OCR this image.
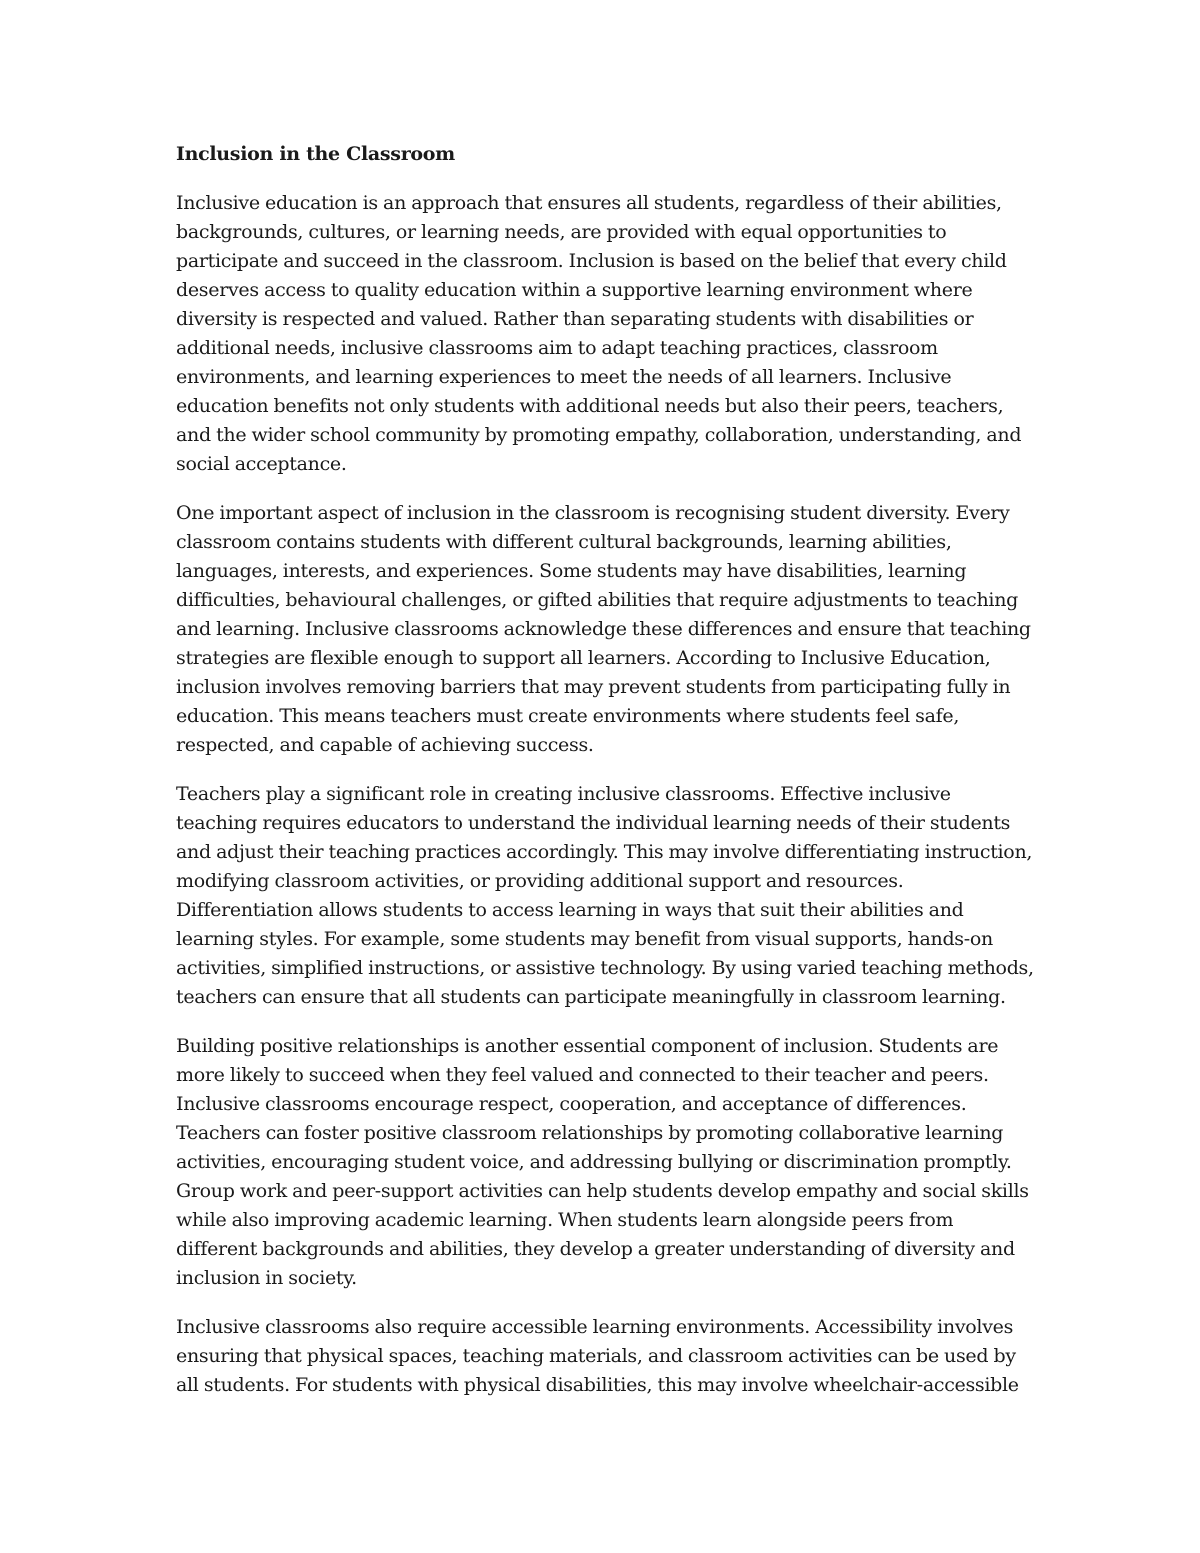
Inclusion in the Classroom

Inclusive education is an approach that ensures all students, regardless of their abilities, backgrounds, cultures, or learning needs, are provided with equal opportunities to participate and succeed in the classroom. Inclusion is based on the belief that every child deserves access to quality education within a supportive learning environment where diversity is respected and valued. Rather than separating students with disabilities or additional needs, inclusive classrooms aim to adapt teaching practices, classroom environments, and learning experiences to meet the needs of all learners. Inclusive education benefits not only students with additional needs but also their peers, teachers, and the wider school community by promoting empathy, collaboration, understanding, and social acceptance.

One important aspect of inclusion in the classroom is recognising student diversity. Every classroom contains students with different cultural backgrounds, learning abilities, languages, interests, and experiences. Some students may have disabilities, learning difficulties, behavioural challenges, or gifted abilities that require adjustments to teaching and learning. Inclusive classrooms acknowledge these differences and ensure that teaching strategies are flexible enough to support all learners. According to Inclusive Education, inclusion involves removing barriers that may prevent students from participating fully in education. This means teachers must create environments where students feel safe, respected, and capable of achieving success.

Teachers play a significant role in creating inclusive classrooms. Effective inclusive teaching requires educators to understand the individual learning needs of their students and adjust their teaching practices accordingly. This may involve differentiating instruction, modifying classroom activities, or providing additional support and resources. Differentiation allows students to access learning in ways that suit their abilities and learning styles. For example, some students may benefit from visual supports, hands-on activities, simplified instructions, or assistive technology. By using varied teaching methods, teachers can ensure that all students can participate meaningfully in classroom learning.

Building positive relationships is another essential component of inclusion. Students are more likely to succeed when they feel valued and connected to their teacher and peers. Inclusive classrooms encourage respect, cooperation, and acceptance of differences. Teachers can foster positive classroom relationships by promoting collaborative learning activities, encouraging student voice, and addressing bullying or discrimination promptly. Group work and peer-support activities can help students develop empathy and social skills while also improving academic learning. When students learn alongside peers from different backgrounds and abilities, they develop a greater understanding of diversity and inclusion in society.

Inclusive classrooms also require accessible learning environments. Accessibility involves ensuring that physical spaces, teaching materials, and classroom activities can be used by all students. For students with physical disabilities, this may involve wheelchair-accessible
